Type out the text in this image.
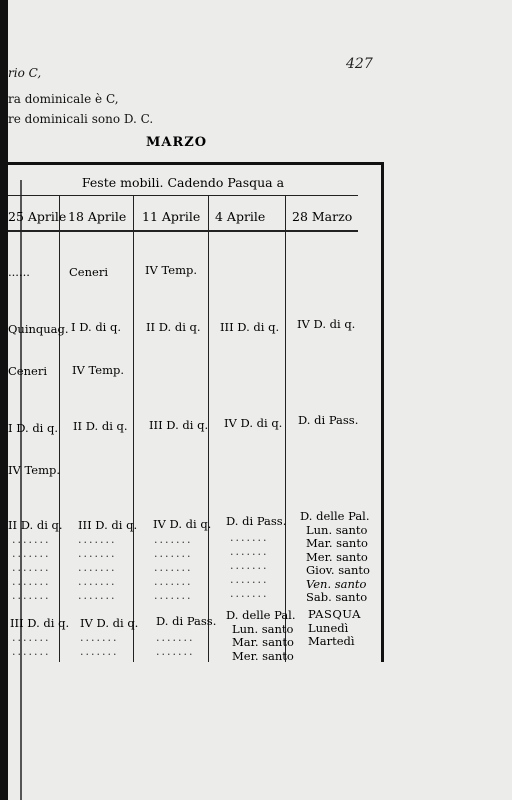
rio C,
ra dominicale è C,
re dominicali sono D. C.
427
MARZO
Feste mobili. Cadendo Pasqua a
25 Aprile 18 Aprile 11 Aprile 4 Aprile 28 Marzo
......	Ceneri	IV Temp.
Quinquag. I D. di q. II D. di q. III D. di q. IV D. di q.
Ceneri IV Temp.
I D. di q. II D. di q. III D. di q. IV D. di q. D. di Pass.
IV Temp.
II D. di q. III D. di q. IV D. di q. D. di Pass.
.......
.......
.......
.......
.......
.......
.......
.......
.......
.......
.......
.......
.......
.......
.......
.......
.......
.......
.......
.......
D. delle Pal.
Lun. santo
Mar. santo
Mer. santo
Giov. santo
Ven. santo
Sab. santo
III D. di q. IV D. di q. D. di Pass. D. delle Pal.
Lun. santo
Mar. santo
Mer. santo
PASQUA
Lunedì
Martedì
.......
.......
.......
.......
.......
.......
